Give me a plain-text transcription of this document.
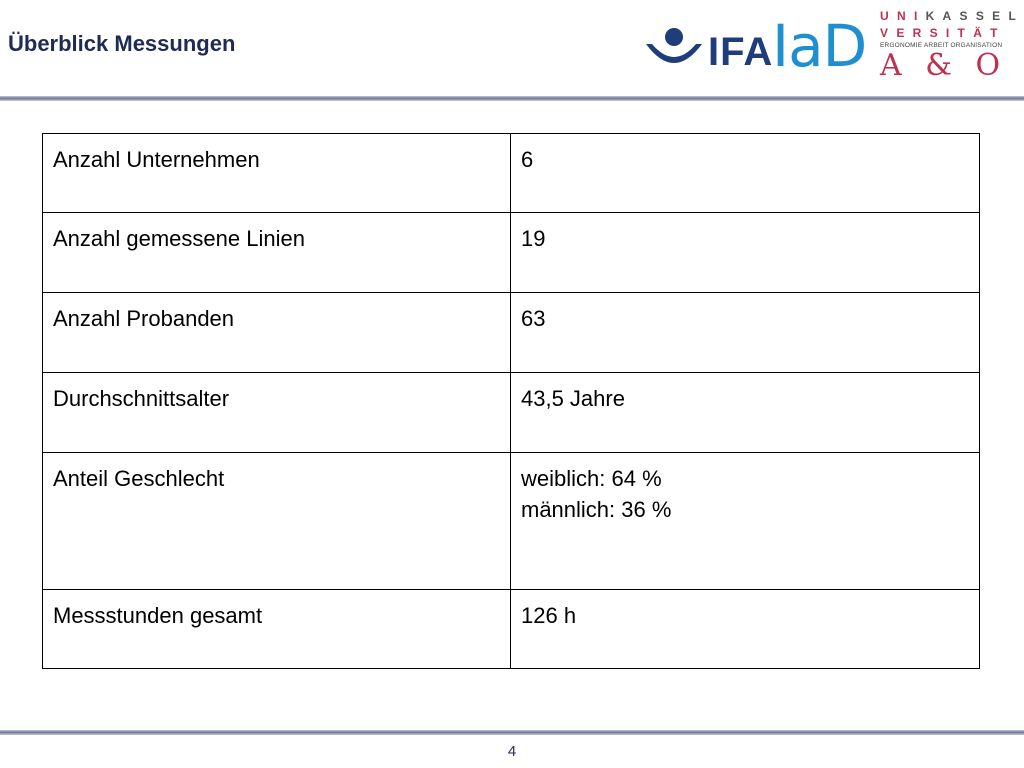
Überblick Messungen	IFA
IaD UNIKASSEL
VERSITÄT
ERGONOMIE ARBEIT ORGANISATION
A & O
Anzahl Unternehmen	6

Anzahl gemessene Linien	19

Anzahl Probanden	63

Durchschnittsalter	43,5 Jahre

Anteil Geschlecht	weiblich: 64 %
männlich: 36 %

Messstunden gesamt	126 h
4
